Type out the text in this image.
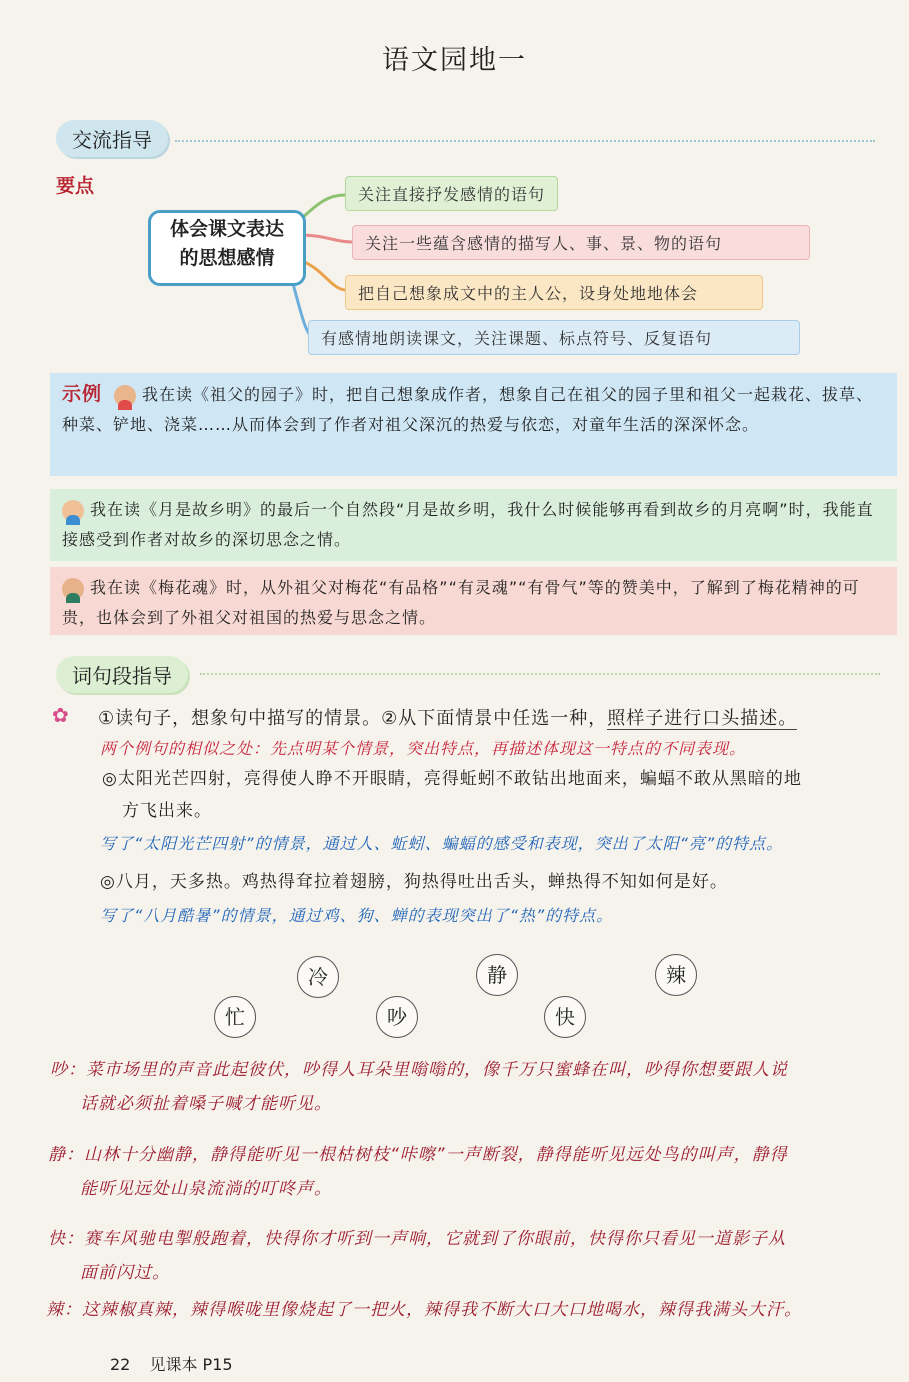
语文园地一
交流指导
要点
体会课文表达
的思想感情
关注直接抒发感情的语句
关注一些蕴含感情的描写人、事、景、物的语句
把自己想象成文中的主人公，设身处地地体会
有感情地朗读课文，关注课题、标点符号、反复语句
示例	我在读《祖父的园子》时，把自己想象成作者，想象自己在祖父的园子里和祖父一起栽花、拔草、种菜、铲地、浇菜……从而体会到了作者对祖父深沉的热爱与依恋，对童年生活的深深怀念。
我在读《月是故乡明》的最后一个自然段“月是故乡明，我什么时候能够再看到故乡的月亮啊”时，我能直接感受到作者对故乡的深切思念之情。
我在读《梅花魂》时，从外祖父对梅花“有品格”“有灵魂”“有骨气”等的赞美中，了解到了梅花精神的可贵，也体会到了外祖父对祖国的热爱与思念之情。
词句段指导
✿ ①读句子，想象句中描写的情景。②从下面情景中任选一种，照样子进行口头描述。
两个例句的相似之处：先点明某个情景，突出特点，再描述体现这一特点的不同表现。
◎太阳光芒四射，亮得使人睁不开眼睛，亮得蚯蚓不敢钻出地面来，蝙蝠不敢从黑暗的地
方飞出来。
写了“太阳光芒四射”的情景，通过人、蚯蚓、蝙蝠的感受和表现，突出了太阳“亮”的特点。
◎八月，天多热。鸡热得耷拉着翅膀，狗热得吐出舌头，蝉热得不知如何是好。
写了“八月酷暑”的情景，通过鸡、狗、蝉的表现突出了“热”的特点。
冷	静	辣
忙	吵	快
吵：菜市场里的声音此起彼伏，吵得人耳朵里嗡嗡的，像千万只蜜蜂在叫，吵得你想要跟人说
话就必须扯着嗓子喊才能听见。
静：山林十分幽静，静得能听见一根枯树枝“咔嚓”一声断裂，静得能听见远处鸟的叫声，静得
能听见远处山泉流淌的叮咚声。
快：赛车风驰电掣般跑着，快得你才听到一声响，它就到了你眼前，快得你只看见一道影子从
面前闪过。
辣：这辣椒真辣，辣得喉咙里像烧起了一把火，辣得我不断大口大口地喝水，辣得我满头大汗。
22 见课本 P15
